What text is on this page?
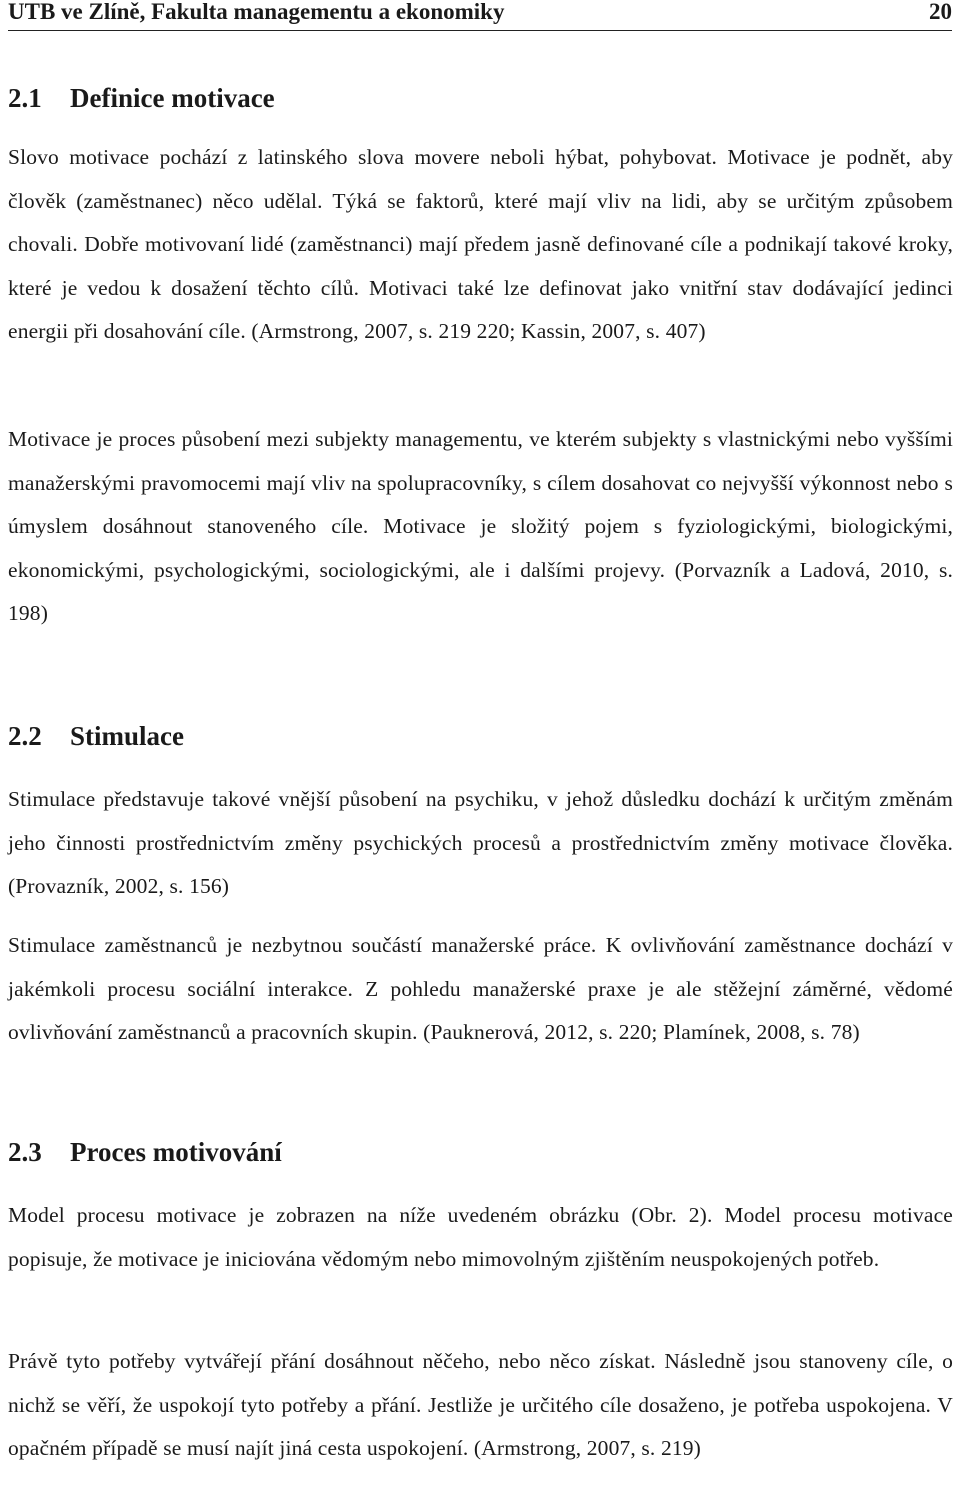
UTB ve Zlíně, Fakulta managementu a ekonomiky	20
2.1 Definice motivace

Slovo motivace pochází z latinského slova movere neboli hýbat, pohybovat. Motivace je podnět, aby člověk (zaměstnanec) něco udělal. Týká se faktorů, které mají vliv na lidi, aby se určitým způsobem chovali. Dobře motivovaní lidé (zaměstnanci) mají předem jasně definované cíle a podnikají takové kroky, které je vedou k dosažení těchto cílů. Motivaci také lze definovat jako vnitřní stav dodávající jedinci energii při dosahování cíle. (Armstrong, 2007, s. 219 220; Kassin, 2007, s. 407)

Motivace je proces působení mezi subjekty managementu, ve kterém subjekty s vlastnickými nebo vyššími manažerskými pravomocemi mají vliv na spolupracovníky, s cílem dosahovat co nejvyšší výkonnost nebo s úmyslem dosáhnout stanoveného cíle. Motivace je složitý pojem s fyziologickými, biologickými, ekonomickými, psychologickými, sociologickými, ale i dalšími projevy. (Porvazník a Ladová, 2010, s. 198)

2.2 Stimulace

Stimulace představuje takové vnější působení na psychiku, v jehož důsledku dochází k určitým změnám jeho činnosti prostřednictvím změny psychických procesů a prostřednictvím změny motivace člověka. (Provazník, 2002, s. 156)

Stimulace zaměstnanců je nezbytnou součástí manažerské práce. K ovlivňování zaměstnance dochází v jakémkoli procesu sociální interakce. Z pohledu manažerské praxe je ale stěžejní záměrné, vědomé ovlivňování zaměstnanců a pracovních skupin. (Pauknerová, 2012, s. 220; Plamínek, 2008, s. 78)

2.3 Proces motivování

Model procesu motivace je zobrazen na níže uvedeném obrázku (Obr. 2). Model procesu motivace popisuje, že motivace je iniciována vědomým nebo mimovolným zjištěním neuspokojených potřeb.

Právě tyto potřeby vytvářejí přání dosáhnout něčeho, nebo něco získat. Následně jsou stanoveny cíle, o nichž se věří, že uspokojí tyto potřeby a přání. Jestliže je určitého cíle dosaženo, je potřeba uspokojena. V opačném případě se musí najít jiná cesta uspokojení. (Armstrong, 2007, s. 219)
